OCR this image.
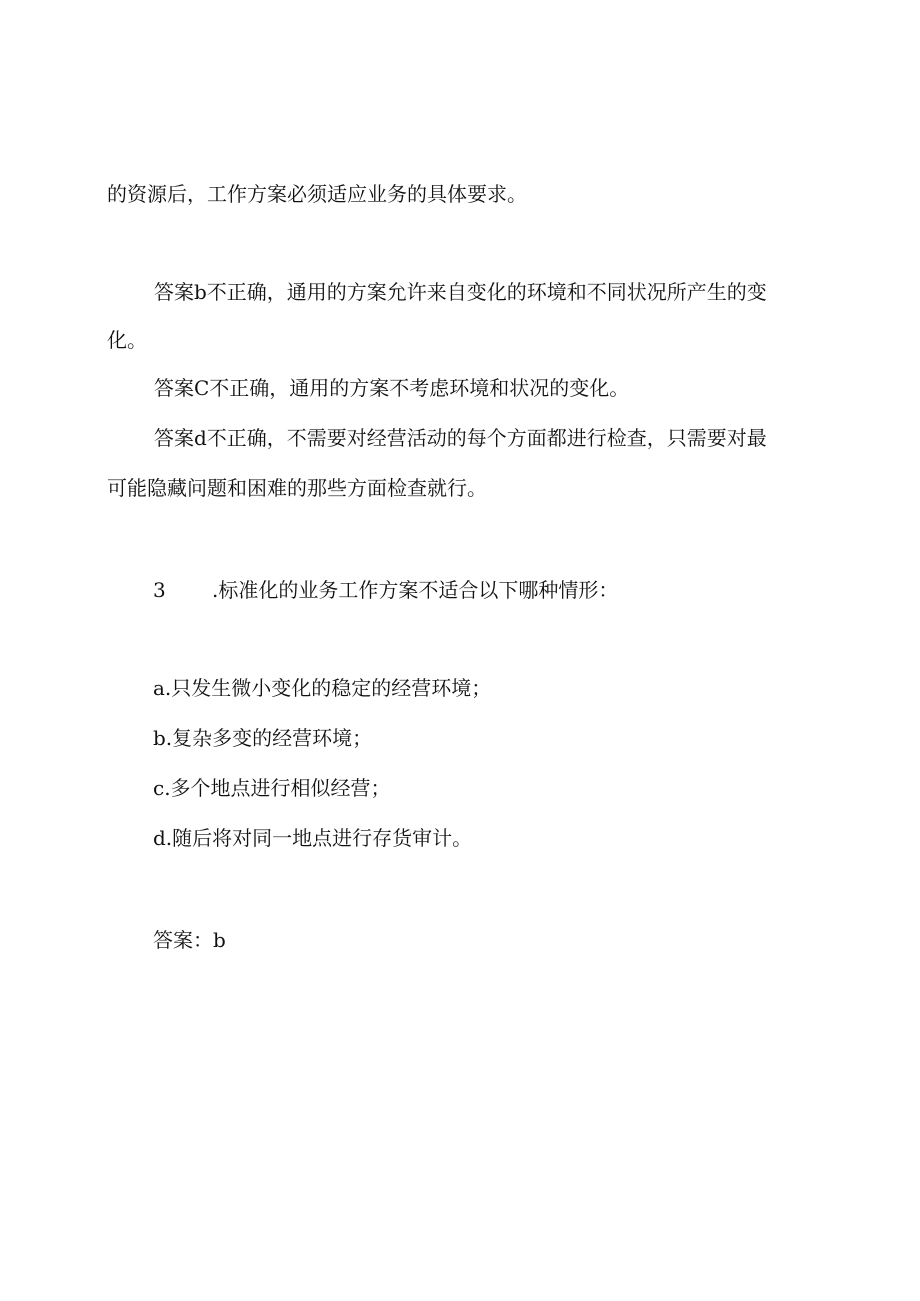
的资源后，工作方案必须适应业务的具体要求。
答案b不正确，通用的方案允许来自变化的环境和不同状况所产生的变
化。
答案C不正确，通用的方案不考虑环境和状况的变化。
答案d不正确，不需要对经营活动的每个方面都进行检查，只需要对最
可能隐藏问题和困难的那些方面检查就行。
3 .标准化的业务工作方案不适合以下哪种情形：
a.只发生微小变化的稳定的经营环境；
b.复杂多变的经营环境；
c.多个地点进行相似经营；
d.随后将对同一地点进行存货审计。
答案：b
